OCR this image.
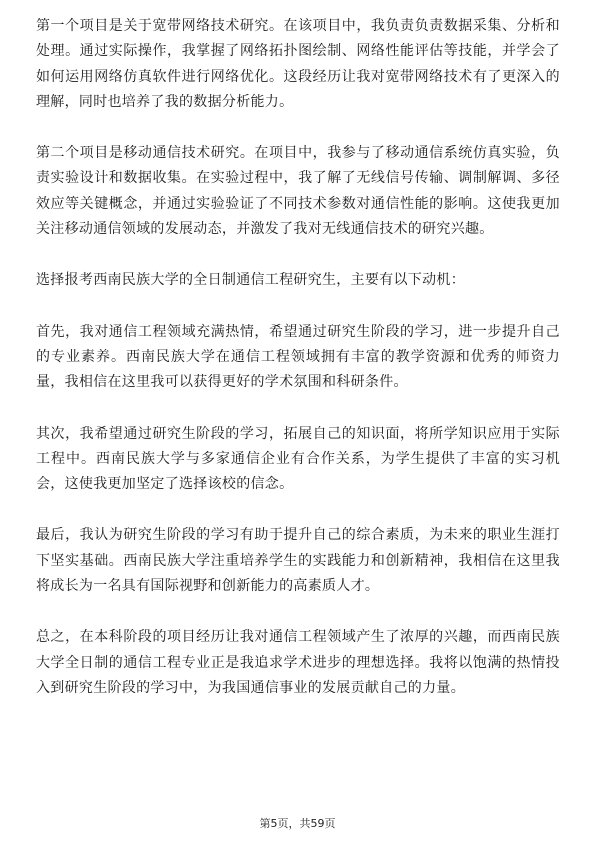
第一个项目是关于宽带网络技术研究。在该项目中，我负责负责数据采集、分析和处理。通过实际操作，我掌握了网络拓扑图绘制、网络性能评估等技能，并学会了如何运用网络仿真软件进行网络优化。这段经历让我对宽带网络技术有了更深入的理解，同时也培养了我的数据分析能力。

第二个项目是移动通信技术研究。在项目中，我参与了移动通信系统仿真实验，负责实验设计和数据收集。在实验过程中，我了解了无线信号传输、调制解调、多径效应等关键概念，并通过实验验证了不同技术参数对通信性能的影响。这使我更加关注移动通信领域的发展动态，并激发了我对无线通信技术的研究兴趣。

选择报考西南民族大学的全日制通信工程研究生，主要有以下动机：

首先，我对通信工程领域充满热情，希望通过研究生阶段的学习，进一步提升自己的专业素养。西南民族大学在通信工程领域拥有丰富的教学资源和优秀的师资力量，我相信在这里我可以获得更好的学术氛围和科研条件。

其次，我希望通过研究生阶段的学习，拓展自己的知识面，将所学知识应用于实际工程中。西南民族大学与多家通信企业有合作关系，为学生提供了丰富的实习机会，这使我更加坚定了选择该校的信念。

最后，我认为研究生阶段的学习有助于提升自己的综合素质，为未来的职业生涯打下坚实基础。西南民族大学注重培养学生的实践能力和创新精神，我相信在这里我将成长为一名具有国际视野和创新能力的高素质人才。

总之，在本科阶段的项目经历让我对通信工程领域产生了浓厚的兴趣，而西南民族大学全日制的通信工程专业正是我追求学术进步的理想选择。我将以饱满的热情投入到研究生阶段的学习中，为我国通信事业的发展贡献自己的力量。

第5页，共59页
